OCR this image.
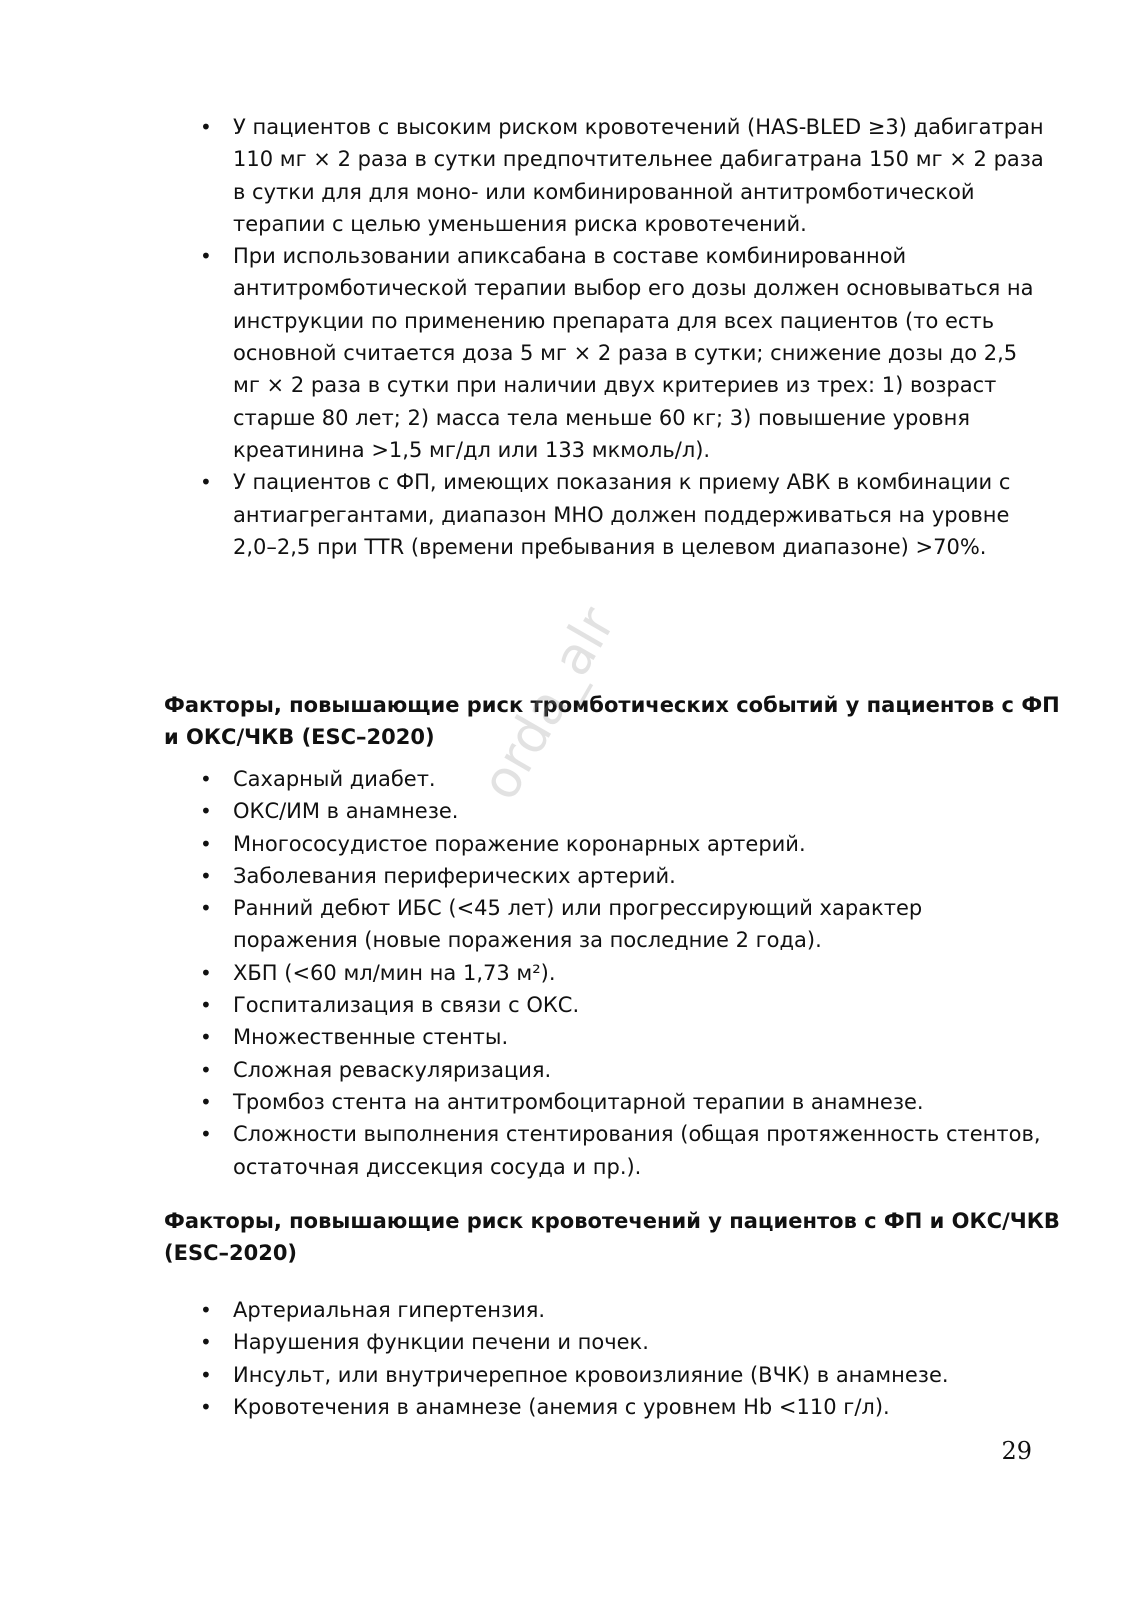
• У пациентов с высоким риском кровотечений (HAS-BLED ≥3) дабигатран 110 мг × 2 раза в сутки предпочтительнее дабигатрана 150 мг × 2 раза в сутки для для моно- или комбинированной антитромботической терапии с целью уменьшения риска кровотечений.
• При использовании апиксабана в составе комбинированной антитромботической терапии выбор его дозы должен основываться на инструкции по применению препарата для всех пациентов (то есть основной считается доза 5 мг × 2 раза в сутки; снижение дозы до 2,5 мг × 2 раза в сутки при наличии двух критериев из трех: 1) возраст старше 80 лет; 2) масса тела меньше 60 кг; 3) повышение уровня креатинина >1,5 мг/дл или 133 мкмоль/л).
• У пациентов с ФП, имеющих показания к приему АВК в комбинации с антиагрегантами, диапазон МНО должен поддерживаться на уровне 2,0–2,5 при TTR (времени пребывания в целевом диапазоне) >70%.
Факторы, повышающие риск тромботических событий у пациентов с ФП и ОКС/ЧКВ (ESC–2020)
• Сахарный диабет.
• ОКС/ИМ в анамнезе.
• Многососудистое поражение коронарных артерий.
• Заболевания периферических артерий.
• Ранний дебют ИБС (<45 лет) или прогрессирующий характер поражения (новые поражения за последние 2 года).
• ХБП (<60 мл/мин на 1,73 м²).
• Госпитализация в связи с ОКС.
• Множественные стенты.
• Сложная реваскуляризация.
• Тромбоз стента на антитромбоцитарной терапии в анамнезе.
• Сложности выполнения стентирования (общая протяженность стентов, остаточная диссекция сосуда и пр.).
Факторы, повышающие риск кровотечений у пациентов с ФП и ОКС/ЧКВ (ESC–2020)
• Артериальная гипертензия.
• Нарушения функции печени и почек.
• Инсульт, или внутричерепное кровоизлияние (ВЧК) в анамнезе.
• Кровотечения в анамнезе (анемия с уровнем Hb <110 г/л).
orda_alr
29
